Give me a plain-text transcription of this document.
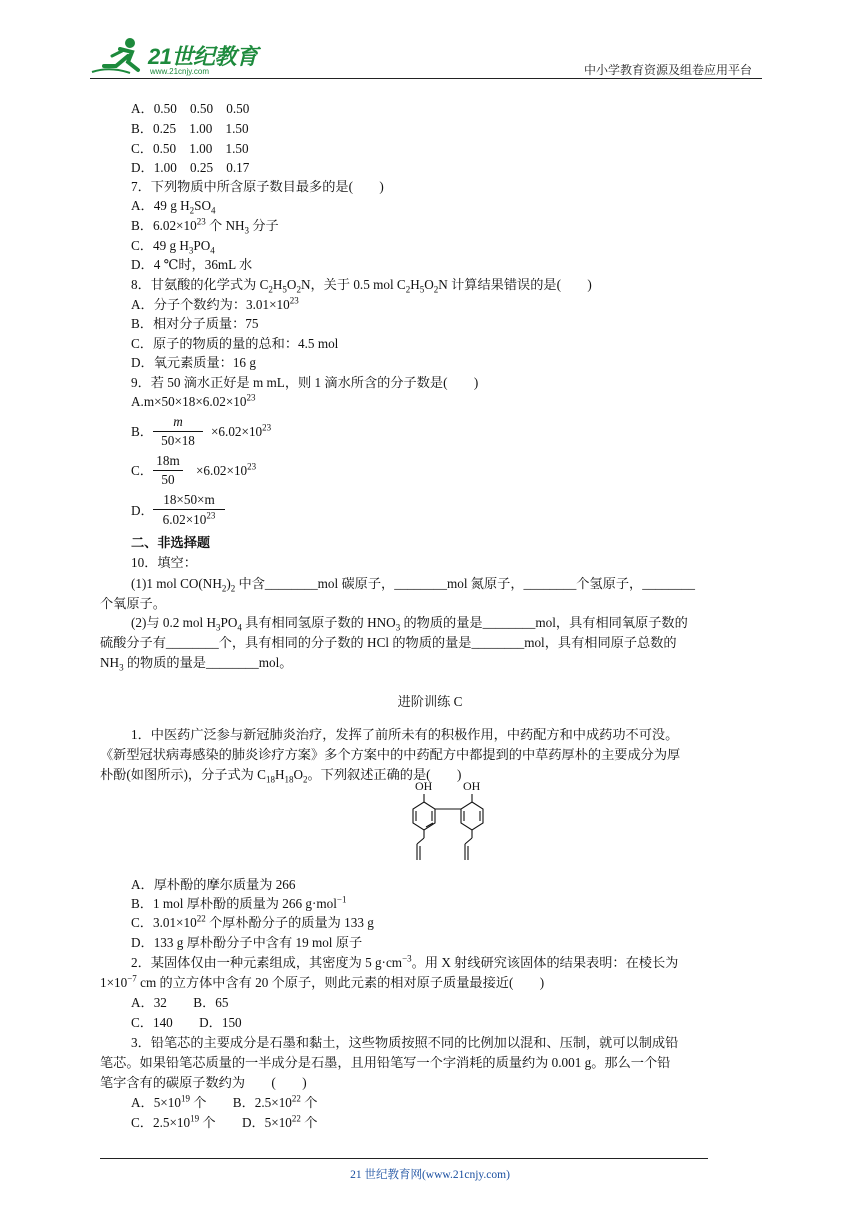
21世纪教育
www.21cnjy.com	中小学教育资源及组卷应用平台
A．0.50　0.50　0.50
B．0.25　1.00　1.50
C．0.50　1.00　1.50
D．1.00　0.25　0.17
7．下列物质中所含原子数目最多的是(　　)
A．49 g $H_2SO_4$
B．$6.02\times 10^{23}$ 个 $NH_3$ 分子
C．49 g $H_3PO_4$
D．4 ℃时，36mL 水
8．甘氨酸的化学式为 $C_2H_5O_2N$，关于 0.5 mol $C_2H_5O_2N$ 计算结果错误的是(　　)
A．分子个数约为：$3.01\times 10^{23}$
B．相对分子质量：75
C．原子的物质的量的总和：4.5 mol
D．氧元素质量：16 g
9．若 50 滴水正好是 m mL，则 1 滴水所含的分子数是(　　)
$A.m\times 50\times 18\times 6.02\times 10^{23}$
B．
m
50×18
$\times 6.02\times 10^{23}$
C．
18m
50
$\times 6.02\times 10^{23}$
D．
18×50×m
$6.02\times 10^{23}$
二、非选择题
10．填空：
(1)1 mol $CO(NH_2)_2$ 中含________mol 碳原子，________mol 氮原子，________个氢原子，________
个氧原子。
(2)与 0.2 mol $H_3PO_4$ 具有相同氢原子数的 $HNO_3$ 的物质的量是________mol，具有相同氧原子数的
硫酸分子有________个，具有相同的分子数的 HCl 的物质的量是________mol，具有相同原子总数的
$NH_3$ 的物质的量是________mol。
进阶训练 C
1．中医药广泛参与新冠肺炎治疗，发挥了前所未有的积极作用，中药配方和中成药功不可没。
《新型冠状病毒感染的肺炎诊疗方案》多个方案中的中药配方中都提到的中草药厚朴的主要成分为厚
朴酚(如图所示)，分子式为 $C_{18}H_{18}O_2$。下列叙述正确的是(　　)
OH	OH
A．厚朴酚的摩尔质量为 266
B．1 mol 厚朴酚的质量为 266 g·mol$^{-1}$
C．$3.01\times 10^{22}$ 个厚朴酚分子的质量为 133 g
D．133 g 厚朴酚分子中含有 19 mol 原子
2．某固体仅由一种元素组成，其密度为 5 $g\cdot cm^{-3}$。用 X 射线研究该固体的结果表明：在棱长为
$1\times 10^{-7}$ cm 的立方体中含有 20 个原子，则此元素的相对原子质量最接近(　　)
A．32　　B．65
C．140　　D．150
3．铅笔芯的主要成分是石墨和黏土，这些物质按照不同的比例加以混和、压制，就可以制成铅
笔芯。如果铅笔芯质量的一半成分是石墨，且用铅笔写一个字消耗的质量约为 0.001 g。那么一个铅
笔字含有的碳原子数约为　　(　　)
A．$5\times 10^{19}$ 个　　B．$2.5\times 10^{22}$ 个
C．$2.5\times 10^{19}$ 个　　D．$5\times 10^{22}$ 个
21 世纪教育网(www.21cnjy.com)
